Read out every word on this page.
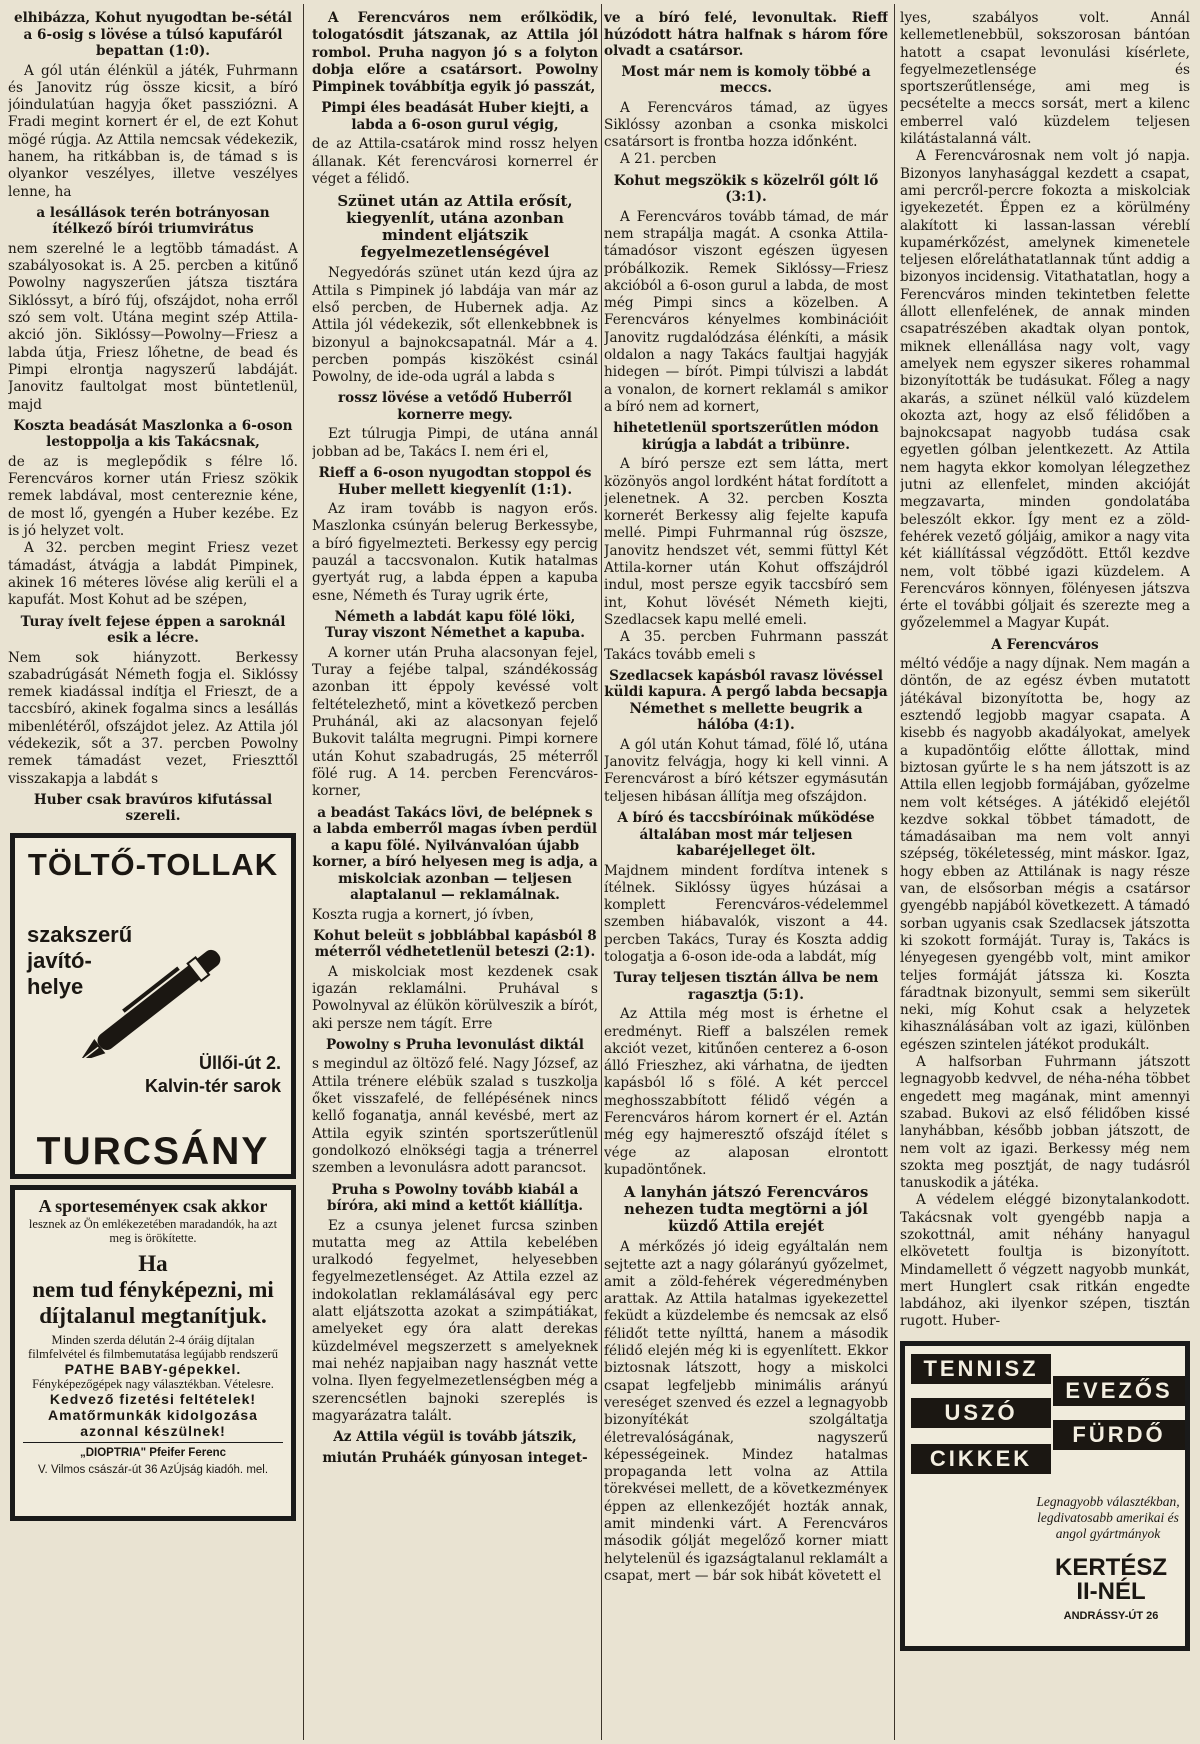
elhibázza, Kohut nyugodtan be-sétál a 6-osig s lövése a túlsó kapufáról bepattan (1:0).

A gól után élénkül a játék, Fuhrmann és Janovitz rúg össze kicsit, a bíró jóindulatúan hagyja őket passziózni. A Fradi megint kornert ér el, de ezt Kohut mögé rúgja. Az Attila nemcsak védekezik, hanem, ha ritkábban is, de támad s is olyankor veszélyes, illetve veszélyes lenne, ha

a lesállások terén botrányosan ítélkező bírói triumvirátus

nem szerelné le a legtöbb támadást. A szabályosokat is. A 25. percben a kitűnő Powolny nagyszerűen játsza tisztára Siklóssyt, a bíró fúj, ofszájdot, noha erről szó sem volt. Utána megint szép Attila-akció jön. Siklóssy—Powolny—Friesz a labda útja, Friesz lőhetne, de bead és Pimpi elrontja nagyszerű labdáját. Janovitz faultolgat most büntetlenül, majd

Koszta beadását Maszlonka a 6-oson lestoppolja a kis Takácsnak,

de az is meglepődik s félre lő. Ferencváros korner után Friesz szökik remek labdával, most centereznie kéne, de most lő, gyengén a Huber kezébe. Ez is jó helyzet volt.

A 32. percben megint Friesz vezet támadást, átvágja a labdát Pimpinek, akinek 16 méteres lövése alig kerüli el a kapufát. Most Kohut ad be szépen,

Turay ívelt fejese éppen a saroknál esik a lécre.

Nem sok hiányzott. Berkessy szabadrúgását Németh fogja el. Siklóssy remek kiadással indítja el Frieszt, de a taccsbíró, akinek fogalma sincs a lesállás mibenlétéről, ofszájdot jelez. Az Attila jól védekezik, sőt a 37. percben Powolny remek támadást vezet, Frieszttől visszakapja a labdát s

Huber csak bravúros kifutással szereli.
TÖLTŐ-TOLLAK
szakszerű
javító-
helye
Üllői-út 2.
Kalvin-tér sarok
TURCSÁNY
A sporteseményeк csak akkor
lesznek az Ön emlékezetében maradandók, ha azt meg is örökítette.
Ha
nem tud fényképezni, mi díjtalanul megtanítjuk.
Minden szerda délután 2-4 óráig díjtalan filmfelvétel és filmbemutatása legújabb rendszerű
PATHE BABY-gépekkel.
Fényképezőgépek nagy választékban. Vételesre.
Kedvező fizetési feltételek!
Amatőrmunkák kidolgozása azonnal készülnek!
„DIOPTRIA" Pfeifer Ferenc
V. Vilmos császár-út 36 AzÚjság kiadóh. mel.

A Ferencváros nem erőlködik, tologatósdit játszanak, az Attila jól rombol. Pruha nagyon jó s a folyton dobja előre a csatársort. Powolny Pimpinek továbbítja egyik jó passzát,

Pimpi éles beadását Huber kiejti, a labda a 6-oson gurul végig,

de az Attila-csatárok mind rossz helyen állanak. Két ferencvárosi kornerrel ér véget a félidő.

Szünet után az Attila erősít, kiegyenlít, utána azonban mindent eljátszik fegyelmezetlenségével

Negyedórás szünet után kezd újra az Attila s Pimpinek jó labdája van már az első percben, de Hubernek adja. Az Attila jól védekezik, sőt ellenkebbnek is bizonyul a bajnokcsapatnál. Már a 4. percben pompás kiszökést csinál Powolny, de ide-oda ugrál a labda s

rossz lövése a vetődő Huberről kornerre megy.

Ezt túlrugja Pimpi, de utána annál jobban ad be, Takács I. nem éri el,

Rieff a 6-oson nyugodtan stoppol és Huber mellett kiegyenlít (1:1).

Az iram tovább is nagyon erős. Maszlonka csúnyán belerug Berkessybe, a bíró figyelmezteti. Berkessy egy percig pauzál a taccsvonalon. Kutik hatalmas gyertyát rug, a labda éppen a kapuba esne, Németh és Turay ugrik érte,

Németh a labdát kapu fölé löki, Turay viszont Némethet a kapuba.

A korner után Pruha alacsonyan fejel, Turay a fejébe talpal, szándékosság azonban itt éppoly kevéssé volt feltételezhető, mint a következő percben Pruhánál, aki az alacsonyan fejelő Bukovit találta megrugni. Pimpi kornere után Kohut szabadrugás, 25 méterről fölé rug. A 14. percben Ferencváros-korner,

a beadást Takács lövi, de belépnek s a labda emberről magas ívben perdül a kapu fölé. Nyilvánvalóan újabb korner, a bíró helyesen meg is adja, a miskolciak azonban — teljesen alaptalanul — reklamálnak.

Koszta rugja a kornert, jó ívben,

Kohut beleüt s jobblábbal kapásból 8 méterről védhetetlenül beteszi (2:1).

A miskolciak most kezdenek csak igazán reklamálni. Pruhával s Powolnyval az élükön körülveszik a bírót, aki persze nem tágít. Erre

Powolny s Pruha levonulást diktál

s megindul az öltöző felé. Nagy József, az Attila trénere elébük szalad s tuszkolja őket visszafelé, de fellépésének nincs kellő foganatja, annál kevésbé, mert az Attila egyik szintén sportszerűtlenül gondolkozó elnökségi tagja a trénerrel szemben a levonulásra adott parancsot.

Pruha s Powolny tovább kiabál a bíróra, aki mind a kettőt kiállítja.

Ez a csunya jelenet furcsa szinben mutatta meg az Attila kebelében uralkodó fegyelmet, helyesebben fegyelmezetlenséget. Az Attila ezzel az indokolatlan reklamálásával egy perc alatt eljátszotta azokat a szimpátiákat, amelyeket egy óra alatt derekas küzdelmével megszerzett s amelyeknek mai nehéz napjaiban nagy hasznát vette volna. Ilyen fegyelmezetlenségben még a szerencsétlen bajnoki szereplés is magyarázatra talált.

Az Attila végül is tovább játszik,
miután Pruháék gúnyosan integet-
ve a bíró felé, levonultak. Rieff húzódott hátra halfnak s három főre olvadt a csatársor.
Most már nem is komoly többé a meccs.

A Ferencváros támad, az ügyes Siklóssy azonban a csonka miskolci csatársort is frontba hozza időnként.

A 21. percben

Kohut megszökik s közelről gólt lő (3:1).

A Ferencváros tovább támad, de már nem strapálja magát. A csonka Attila-támadósor viszont egészen ügyesen próbálkozik. Remek Siklóssy—Friesz akcióból a 6-oson gurul a labda, de most még Pimpi sincs a közelben. A Ferencváros kényelmes kombinációit Janovitz rugdalódzása élénkíti, a másik oldalon a nagy Takács faultjai hagyják hidegen — bírót. Pimpi túlviszi a labdát a vonalon, de kornert reklamál s amikor a bíró nem ad kornert,

hihetetlenül sportszerűtlen módon kirúgja a labdát a tribünre.

A bíró persze ezt sem látta, mert közönyös angol lordként hátat fordított a jelenetnek. A 32. percben Koszta kornerét Berkessy alig fejelte kapufa mellé. Pimpi Fuhrmannal rúg öszsze, Janovitz hendszet vét, semmi füttyl Két Attila-korner után Kohut offszájdról indul, most persze egyik taccsbíró sem int, Kohut lövését Németh kiejti, Szedlacsek kapu mellé emeli.

A 35. percben Fuhrmann passzát Takács tovább emeli s

Szedlacsek kapásból ravasz lövéssel küldi kapura. A pergő labda becsapja Némethet s mellette beugrik a hálóba (4:1).

A gól után Kohut támad, fölé lő, utána Janovitz felvágja, hogy ki kell vinni. A Ferencvárost a bíró kétszer egymásután teljesen hibásan állítja meg ofszájdon.

A bíró és taccsbíróinak működése általában most már teljesen kabaréjelleget ölt.

Majdnem mindent fordítva intenek s ítélnek. Siklóssy ügyes húzásai a komplett Ferencváros-védelemmel szemben hiábavalók, viszont a 44. percben Takács, Turay és Koszta addig tologatja a 6-oson ide-oda a labdát, míg

Turay teljesen tisztán állva be nem ragasztja (5:1).

Az Attila még most is érhetne el eredményt. Rieff a balszélen remek akciót vezet, kitűnően centerez a 6-oson álló Frieszhez, aki várhatna, de ijedten kapásból lő s fölé. A két perccel meghosszabbított félidő végén a Ferencváros három kornert ér el. Aztán még egy hajmeresztő ofszájd ítélet s vége az alaposan elrontott kupadöntőnek.

A lanyhán játszó Ferencváros nehezen tudta megtörni a jól küzdő Attila erejét

A mérkőzés jó ideig egyáltalán nem sejtette azt a nagy gólarányú győzelmet, amit a zöld-fehérek végeredményben arattak. Az Attila hatalmas igyekezettel feküdt a küzdelembe és nemcsak az első félidőt tette nyílttá, hanem a második félidő elején még ki is egyenlített. Ekkor biztosnak látszott, hogy a miskolci csapat legfeljebb minimális arányú vereséget szenved és ezzel a legnagyobb bizonyítékát szolgáltatja életrevalóságának, nagyszerű képességeinek. Mindez hatalmas propaganda lett volna az Attila törekvései mellett, de a következményeк éppen az ellenkezőjét hozták annak, amit mindenki várt. A Ferencváros második gólját megelőző korner miatt helytelenül és igazságtalanul reklamált a csapat, mert — bár sok hibát követett el

lyes, szabályos volt. Annál kellemetlenebbül, sokszorosan bántóan hatott a csapat levonulási kísérlete, fegyelmezetlensége és sportszerűtlensége, ami meg is pecsételte a meccs sorsát, mert a kilenc emberrel való küzdelem teljesen kilátástalanná vált.

A Ferencvárosnak nem volt jó napja. Bizonyos lanyhasággal kezdett a csapat, ami percről-percre fokozta a miskolciak igyekezetét. Éppen ez a körülmény alakított ki lassan-lassan véreblí kupamérkőzést, amelynek kimenetele teljesen előreláthatatlannak tűnt addig a bizonyos incidensig. Vitathatatlan, hogy a Ferencváros minden tekintetben felette állott ellenfelének, de annak minden csapatrészében akadtak olyan pontok, miknek ellenállása nagy volt, vagy amelyek nem egyszer sikeres rohammal bizonyították be tudásukat. Főleg a nagy akarás, a szünet nélkül való küzdelem okozta azt, hogy az első félidőben a bajnokcsapat nagyobb tudása csak egyetlen gólban jelentkezett. Az Attila nem hagyta ekkor komolyan lélegzethez jutni az ellenfelet, minden akcióját megzavarta, minden gondolatába beleszólt ekkor. Így ment ez a zöld-fehérek vezető góljáig, amikor a nagy vita két kiállítással végződött. Ettől kezdve nem, volt többé igazi küzdelem. A Ferencváros könnyen, fölényesen játszva érte el további góljait és szerezte meg a győzelemmel a Magyar Kupát.

A Ferencváros

méltó védője a nagy díjnak. Nem magán a döntőn, de az egész évben mutatott játékával bizonyította be, hogy az esztendő legjobb magyar csapata. A kisebb és nagyobb akadályokat, amelyek a kupadöntőig előtte állottak, mind biztosan gyűrte le s ha nem játszott is az Attila ellen legjobb formájában, győzelme nem volt kétséges. A játékidő elejétől kezdve sokkal többet támadott, de támadásaiban ma nem volt annyi szépség, tökéletesség, mint máskor. Igaz, hogy ebben az Attilának is nagy része van, de elsősorban mégis a csatársor gyengébb napjából következett. A támadó sorban ugyanis csak Szedlacsek játszotta ki szokott formáját. Turay is, Takács is lényegesen gyengébb volt, mint amikor teljes formáját játssza ki. Koszta fáradtnak bizonyult, semmi sem sikerült neki, míg Kohut csak a helyzetek kihasználásában volt az igazi, különben egészen szintelen játékot produkált.

A halfsorban Fuhrmann játszott legnagyobb kedvvel, de néha-néha többet engedett meg magának, mint amennyi szabad. Bukovi az első félidőben kissé lanyhábban, később jobban játszott, de nem volt az igazi. Berkessy még nem szokta meg posztját, de nagy tudásról tanuskodik a játéka.

A védelem eléggé bizonytalankodott. Takácsnak volt gyengébb napja a szokottnál, amit néhány hanyagul elkövetett foultja is bizonyított. Mindamellett ő végzett nagyobb munkát, mert Hunglert csak ritkán engedte labdához, aki ilyenkor szépen, tisztán rugott. Huber-

TENNISZ
EVEZŐS
USZÓ
FÜRDŐ
CIKKEK
Legnagyobb választékban, legdivatosabb amerikai és angol gyártmányok
KERTÉSZ
II-NÉL
ANDRÁSSY-ÚT 26
